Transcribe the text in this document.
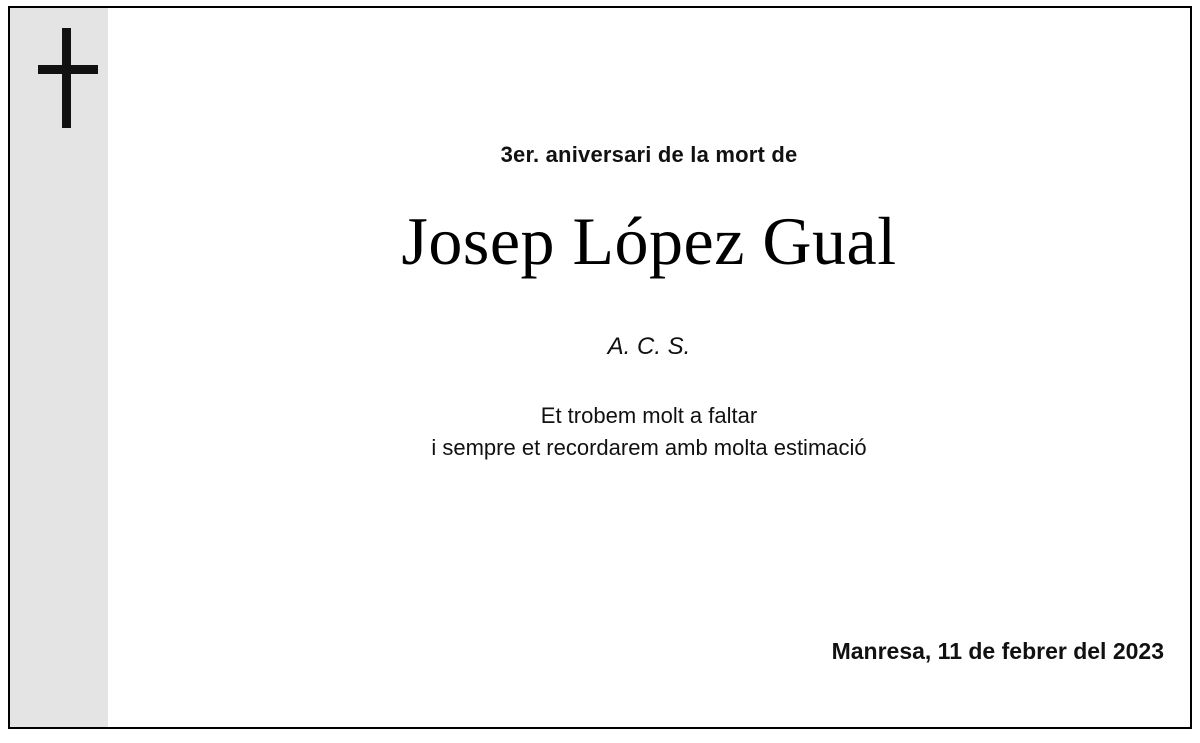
3er. aniversari de la mort de
Josep López Gual
A. C. S.
Et trobem molt a faltar
i sempre et recordarem amb molta estimació
Manresa, 11 de febrer del 2023
